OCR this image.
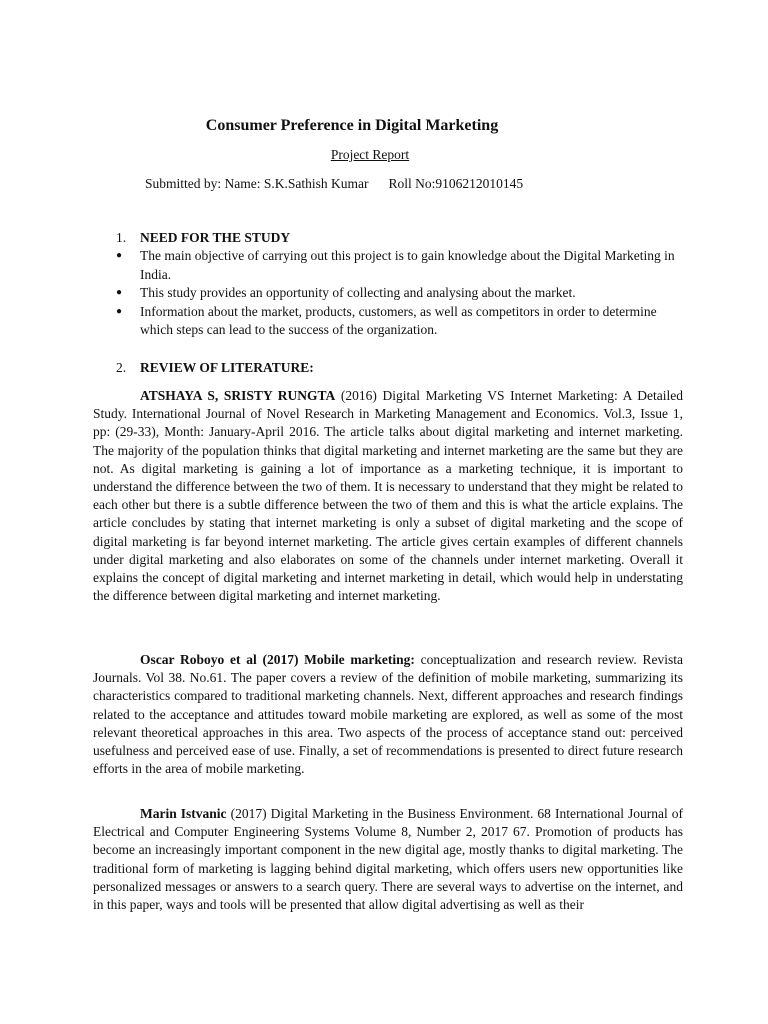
Consumer Preference in Digital Marketing
Project Report
Submitted by: Name: S.K.Sathish Kumar Roll No:9106212010145
1. NEED FOR THE STUDY
● The main objective of carrying out this project is to gain knowledge about the Digital Marketing in India.
● This study provides an opportunity of collecting and analysing about the market.
● Information about the market, products, customers, as well as competitors in order to determine which steps can lead to the success of the organization.
2. REVIEW OF LITERATURE:

ATSHAYA S, SRISTY RUNGTA (2016) Digital Marketing VS Internet Marketing: A Detailed Study. International Journal of Novel Research in Marketing Management and Economics. Vol.3, Issue 1, pp: (29-33), Month: January-April 2016. The article talks about digital marketing and internet marketing. The majority of the population thinks that digital marketing and internet marketing are the same but they are not. As digital marketing is gaining a lot of importance as a marketing technique, it is important to understand the difference between the two of them. It is necessary to understand that they might be related to each other but there is a subtle difference between the two of them and this is what the article explains. The article concludes by stating that internet marketing is only a subset of digital marketing and the scope of digital marketing is far beyond internet marketing. The article gives certain examples of different channels under digital marketing and also elaborates on some of the channels under internet marketing. Overall it explains the concept of digital marketing and internet marketing in detail, which would help in understating the difference between digital marketing and internet marketing.

Oscar Roboyo et al (2017) Mobile marketing: conceptualization and research review. Revista Journals. Vol 38. No.61. The paper covers a review of the definition of mobile marketing, summarizing its characteristics compared to traditional marketing channels. Next, different approaches and research findings related to the acceptance and attitudes toward mobile marketing are explored, as well as some of the most relevant theoretical approaches in this area. Two aspects of the process of acceptance stand out: perceived usefulness and perceived ease of use. Finally, a set of recommendations is presented to direct future research efforts in the area of mobile marketing.

Marin Istvanic (2017) Digital Marketing in the Business Environment. 68 International Journal of Electrical and Computer Engineering Systems Volume 8, Number 2, 2017 67. Promotion of products has become an increasingly important component in the new digital age, mostly thanks to digital marketing. The traditional form of marketing is lagging behind digital marketing, which offers users new opportunities like personalized messages or answers to a search query. There are several ways to advertise on the internet, and in this paper, ways and tools will be presented that allow digital advertising as well as their
